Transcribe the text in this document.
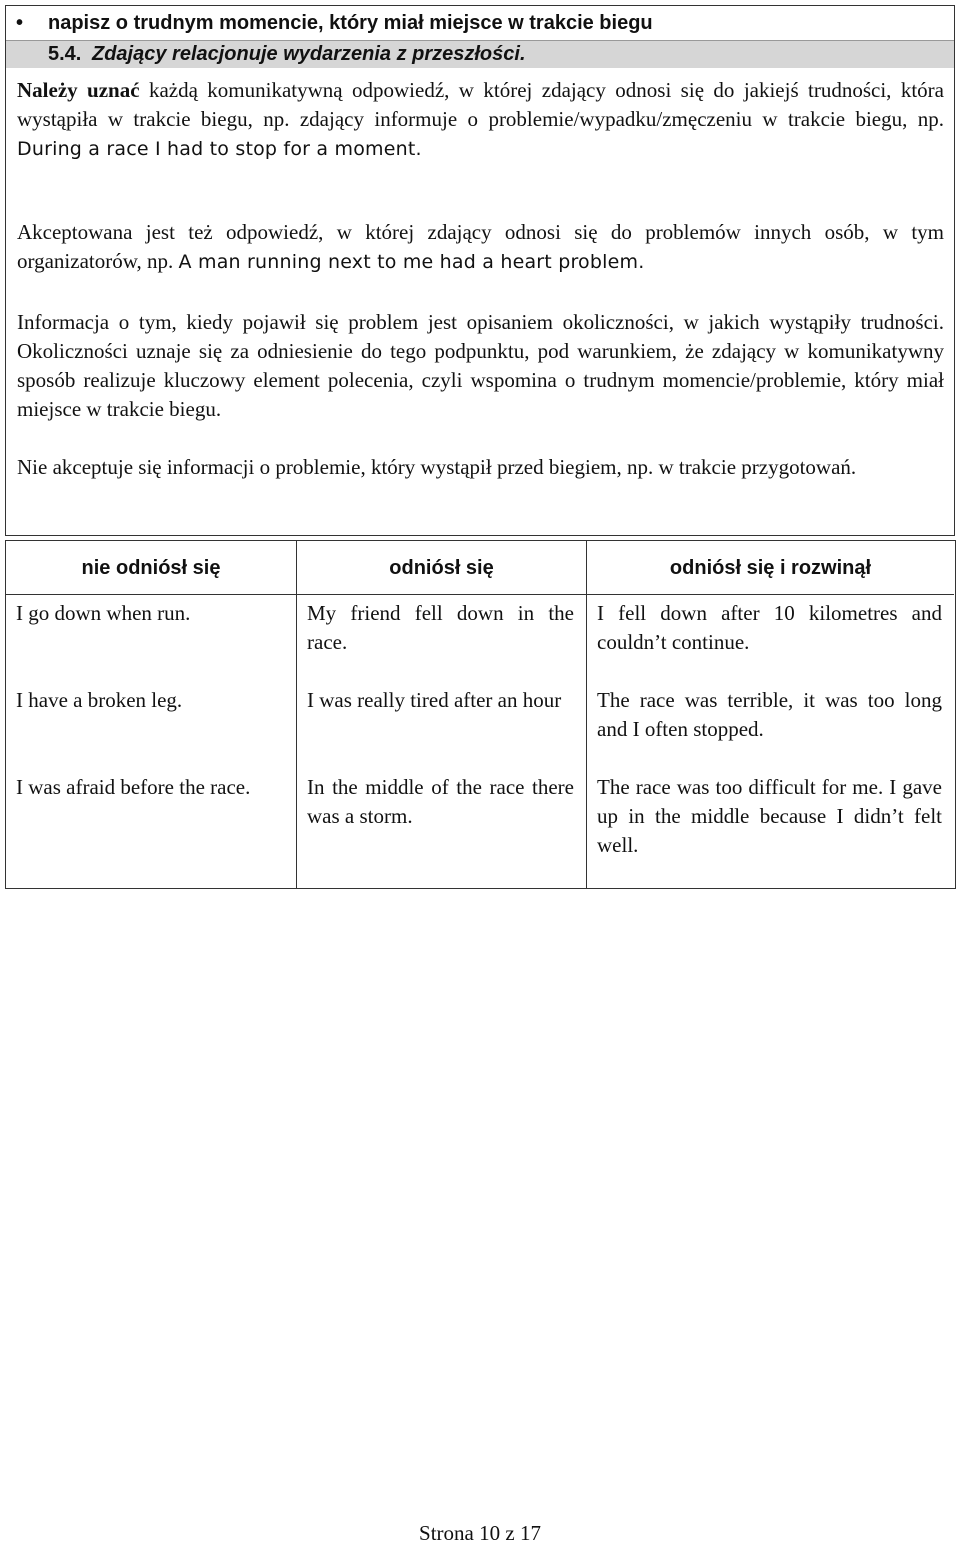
• napisz o trudnym momencie, który miał miejsce w trakcie biegu
5.4. Zdający relacjonuje wydarzenia z przeszłości.
Należy uznać każdą komunikatywną odpowiedź, w której zdający odnosi się do jakiejś trudności, która wystąpiła w trakcie biegu, np. zdający informuje o problemie/wypadku/zmęczeniu w trakcie biegu, np. During a race I had to stop for a moment.
Akceptowana jest też odpowiedź, w której zdający odnosi się do problemów innych osób, w tym organizatorów, np. A man running next to me had a heart problem.
Informacja o tym, kiedy pojawił się problem jest opisaniem okoliczności, w jakich wystąpiły trudności. Okoliczności uznaje się za odniesienie do tego podpunktu, pod warunkiem, że zdający w komunikatywny sposób realizuje kluczowy element polecenia, czyli wspomina o trudnym momencie/problemie, który miał miejsce w trakcie biegu.
Nie akceptuje się informacji o problemie, który wystąpił przed biegiem, np. w trakcie przygotowań.
nie odniósł się
I go down when run.
I have a broken leg.
I was afraid before the race.
odniósł się
My friend fell down in the race.
I was really tired after an hour
In the middle of the race there was a storm.
odniósł się i rozwinął
I fell down after 10 kilometres and couldn’t continue.
The race was terrible, it was too long and I often stopped.
The race was too difficult for me. I gave up in the middle because I didn’t felt well.
Strona 10 z 17
